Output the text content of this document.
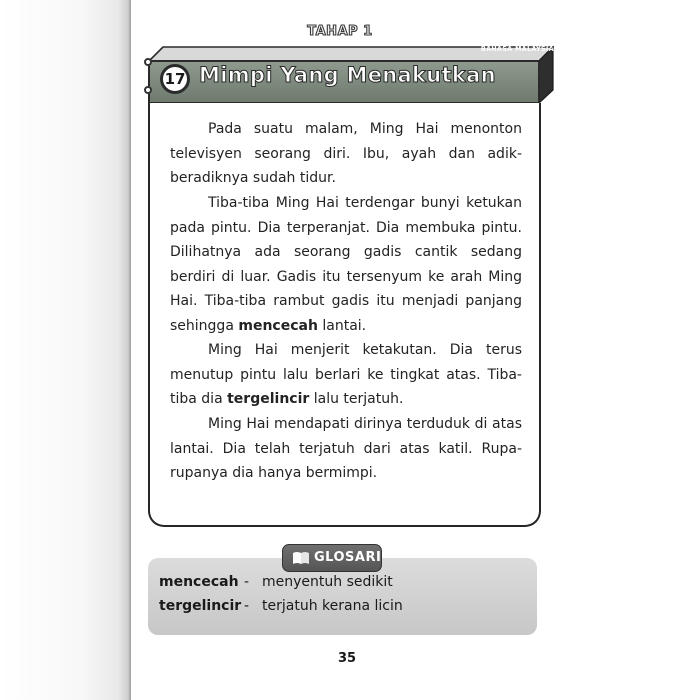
TAHAP 1
BAHASA MALAYSIA
17 Mimpi Yang Menakutkan

Pada suatu malam, Ming Hai menonton televisyen seorang diri. Ibu, ayah dan adik-beradiknya sudah tidur.

Tiba-tiba Ming Hai terdengar bunyi ketukan pada pintu. Dia terperanjat. Dia membuka pintu. Dilihatnya ada seorang gadis cantik sedang berdiri di luar. Gadis itu tersenyum ke arah Ming Hai. Tiba-tiba rambut gadis itu menjadi panjang sehingga mencecah lantai.

Ming Hai menjerit ketakutan. Dia terus menutup pintu lalu berlari ke tingkat atas. Tiba-tiba dia tergelincir lalu terjatuh.

Ming Hai mendapati dirinya terduduk di atas lantai. Dia telah terjatuh dari atas katil. Rupa-rupanya dia hanya bermimpi.

GLOSARI
mencecah - menyentuh sedikit
tergelincir - terjatuh kerana licin
35
